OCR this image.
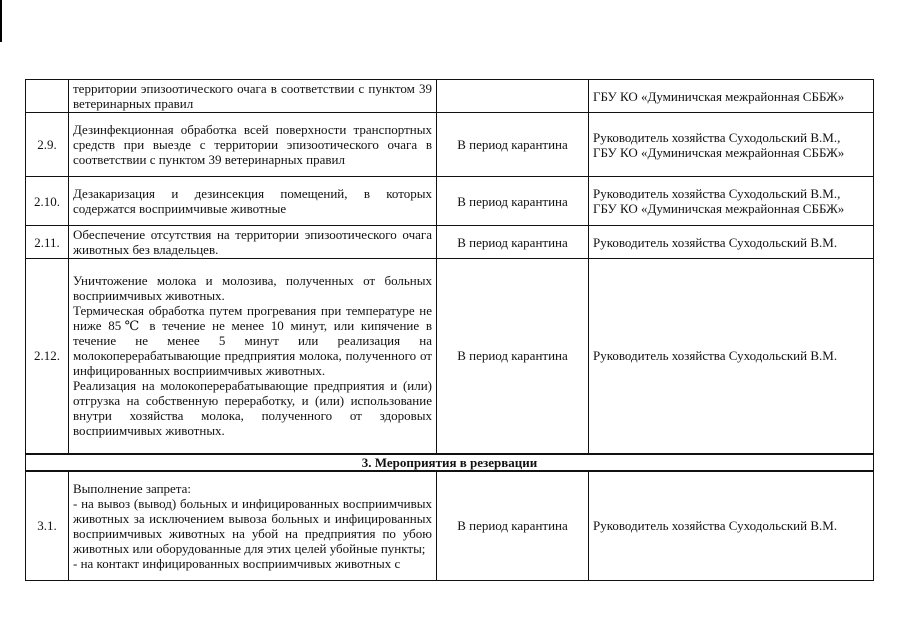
	территории эпизоотического очага в соответствии с пунктом 39 ветеринарных правил		ГБУ КО «Думиничская межрайонная СББЖ»
2.9.	Дезинфекционная обработка всей поверхности транспортных средств при выезде с территории эпизоотического очага в соответствии с пунктом 39 ветеринарных правил	В период карантина	Руководитель хозяйства Суходольский В.М.,
ГБУ КО «Думиничская межрайонная СББЖ»
2.10.	Дезакаризация и дезинсекция помещений, в которых содержатся восприимчивые животные	В период карантина	Руководитель хозяйства Суходольский В.М.,
ГБУ КО «Думиничская межрайонная СББЖ»
2.11.	Обеспечение отсутствия на территории эпизоотического очага животных без владельцев.	В период карантина	Руководитель хозяйства Суходольский В.М.
2.12.	Уничтожение молока и молозива, полученных от больных восприимчивых животных.
Термическая обработка путем прогревания при температуре не ниже 85℃ в течение не менее 10 минут, или кипячение в течение не менее 5 минут или реализация на молокоперерабатывающие предприятия молока, полученного от инфицированных восприимчивых животных.
Реализация на молокоперерабатывающие предприятия и (или) отгрузка на собственную переработку, и (или) использование внутри хозяйства молока, полученного от здоровых восприимчивых животных.	В период карантина	Руководитель хозяйства Суходольский В.М.
3. Мероприятия в резервации			
3.1.	Выполнение запрета:
- на вывоз (вывод) больных и инфицированных восприимчивых животных за исключением вывоза больных и инфицированных восприимчивых животных на убой на предприятия по убою животных или оборудованные для этих целей убойные пункты;
- на контакт инфицированных восприимчивых животных с	В период карантина	Руководитель хозяйства Суходольский В.М.
